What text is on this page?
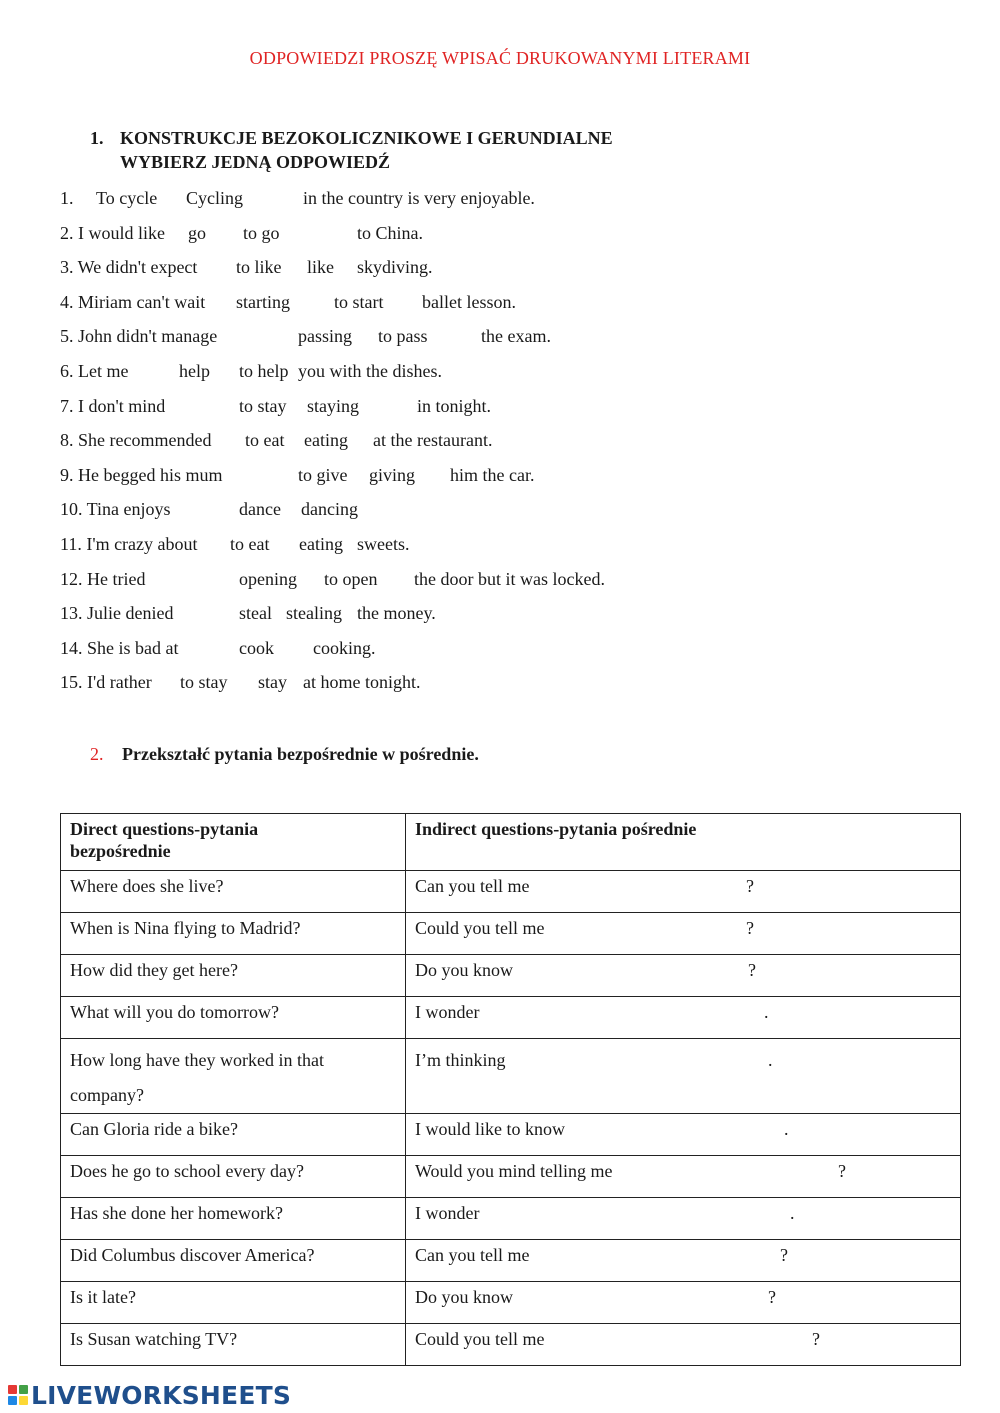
ODPOWIEDZI PROSZĘ WPISAĆ DRUKOWANYMI LITERAMI
1. KONSTRUKCJE BEZOKOLICZNIKOWE I GERUNDIALNE
WYBIERZ JEDNĄ ODPOWIEDŹ
1. To cycle Cycling	in the country is very enjoyable.
2. I would like go to go	to China.
3. We didn't expect to like like skydiving.
4. Miriam can't wait starting to start ballet lesson.
5. John didn't manage	passing to pass	the exam.
6. Let me	help to help you with the dishes.
7. I don't mind	to stay staying	in tonight.
8. She recommended to eat eating at the restaurant.
9. He begged his mum	to give giving him the car.
10. Tina enjoys	dance dancing
11. I'm crazy about to eat eating sweets.
12. He tried	opening to open the door but it was locked.
13. Julie denied	steal stealing the money.
14. She is bad at	cook cooking.
15. I'd rather to stay stay at home tonight.
2. Przekształć pytania bezpośrednie w pośrednie.
Direct questions-pytania
bezpośrednie	Indirect questions-pytania pośrednie
Where does she live?	Can you tell me ?

When is Nina flying to Madrid?	Could you tell me ?

How did they get here?	Do you know ?

What will you do tomorrow?	I wonder .

How long have they worked in that company?	I’m thinking .

Can Gloria ride a bike?	I would like to know .

Does he go to school every day?	Would you mind telling me ?

Has she done her homework?	I wonder .

Did Columbus discover America?	Can you tell me ?

Is it late?	Do you know ?

Is Susan watching TV?	Could you tell me ?
LIVEWORKSHEETS
